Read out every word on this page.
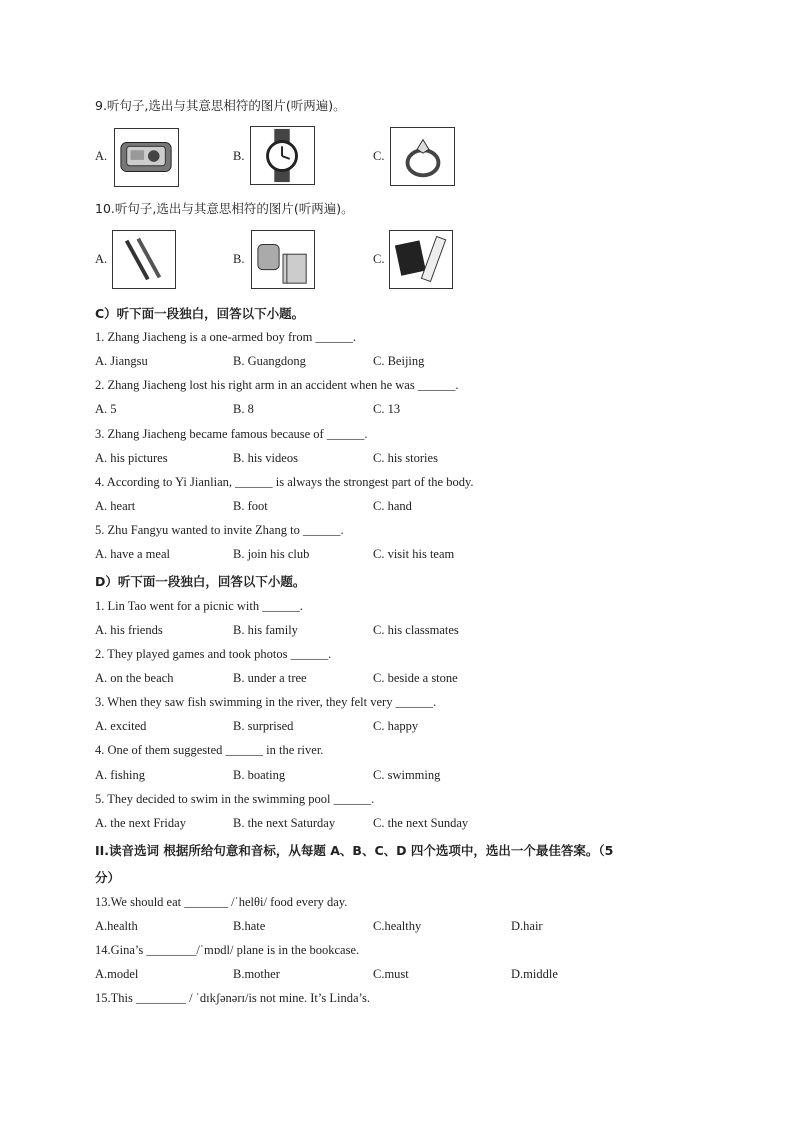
9.听句子,选出与其意思相符的图片(听两遍)。
A.	B.	C.
10.听句子,选出与其意思相符的图片(听两遍)。
A.	B.	C.
C）听下面一段独白，回答以下小题。
1. Zhang Jiacheng is a one-armed boy from ______.
A. Jiangsu	B. Guangdong	C. Beijing
2. Zhang Jiacheng lost his right arm in an accident when he was ______.
A. 5	B. 8	C. 13
3. Zhang Jiacheng became famous because of ______.
A. his pictures	B. his videos	C. his stories
4. According to Yi Jianlian, ______ is always the strongest part of the body.
A. heart	B. foot	C. hand
5. Zhu Fangyu wanted to invite Zhang to ______.
A. have a meal	B. join his club	C. visit his team
D）听下面一段独白，回答以下小题。
1. Lin Tao went for a picnic with ______.
A. his friends	B. his family	C. his classmates
2. They played games and took photos ______.
A. on the beach	B. under a tree	C. beside a stone
3. When they saw fish swimming in the river, they felt very ______.
A. excited	B. surprised	C. happy
4. One of them suggested ______ in the river.
A. fishing	B. boating	C. swimming
5. They decided to swim in the swimming pool ______.
A. the next Friday	B. the next Saturday	C. the next Sunday
II.读音选词 根据所给句意和音标，从每题 A、B、C、D 四个选项中，选出一个最佳答案。（5
分）
13.We should eat _______ /ˈhelθi/ food every day.
A.health	B.hate	C.healthy	D.hair
14.Gina’s ________/ˈmɒdl/ plane is in the bookcase.
A.model	B.mother	C.must	D.middle
15.This ________ / ˈdɪkʃənərɪ/is not mine. It’s Linda’s.
